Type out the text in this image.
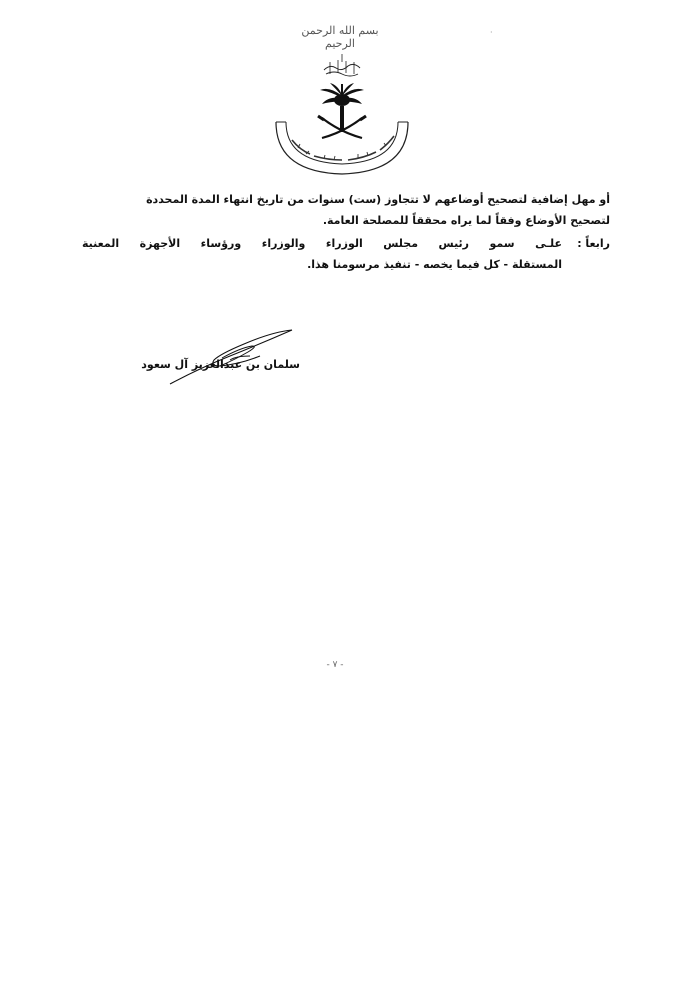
·
بسم الله الرحمن الرحيم
أو مهل إضافية لتصحيح أوضاعهم لا تتجاوز (ست) سنوات من تاريخ انتهاء المدة المحددة
لتصحيح الأوضاع وفقاً لما يراه محققاً للمصلحة العامة.
رابعاً :
علـى سمو رئيس مجلس الوزراء والوزراء ورؤساء الأجهزة المعنية
المستقلة - كل فيما يخصه - تنفيذ مرسومنا هذا.
سلمان بن عبدالعزيز آل سعود
- ٧ -
